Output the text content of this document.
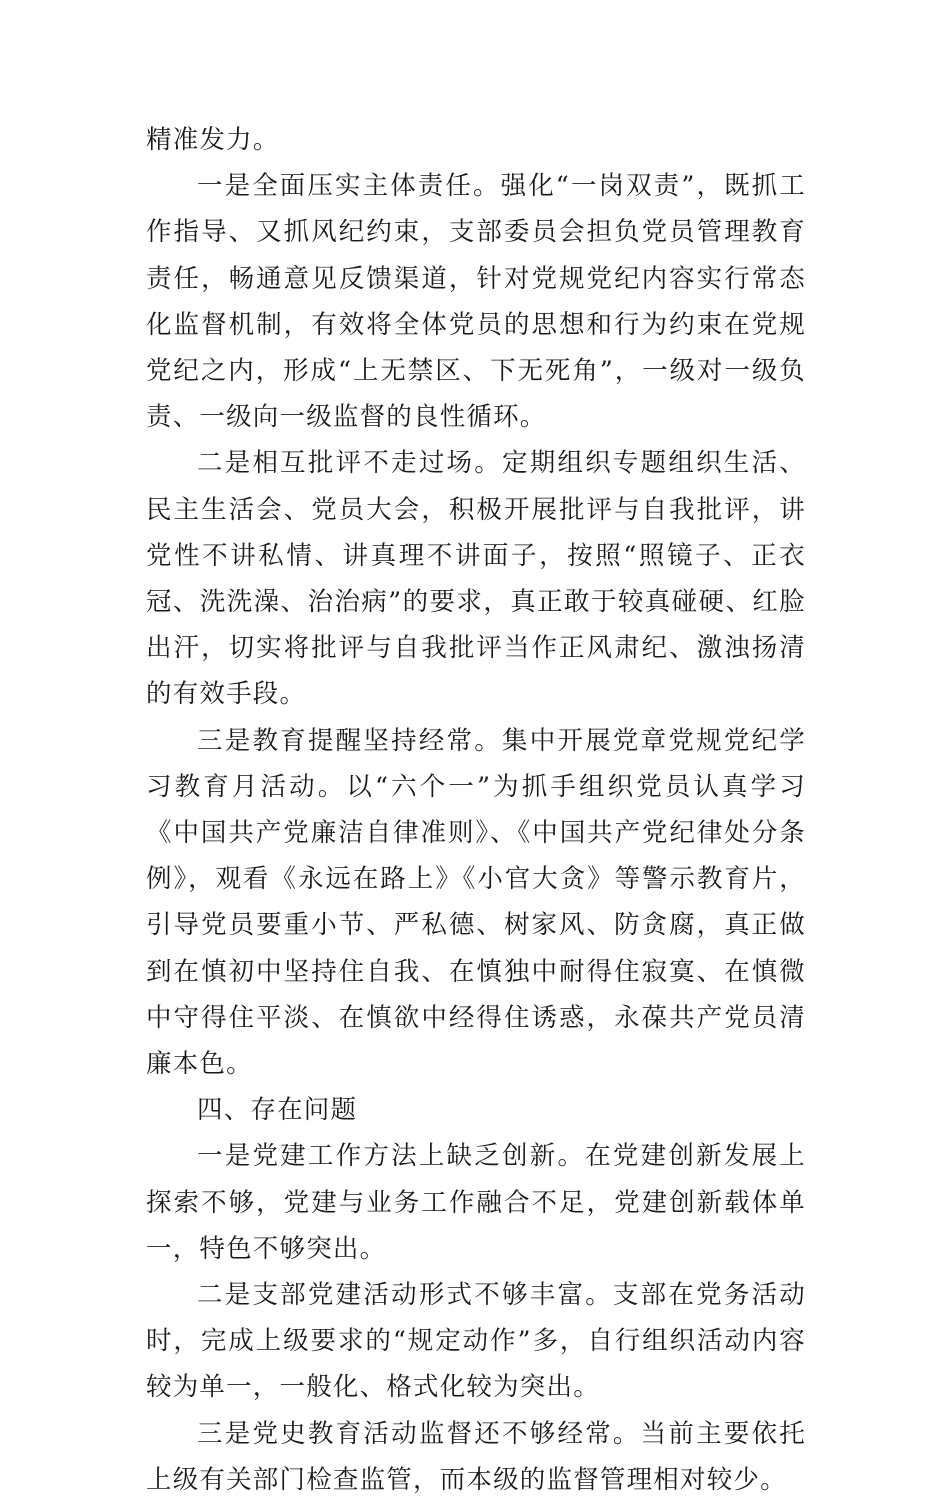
精准发力。

一是全面压实主体责任。强化“一岗双责”，既抓工作指导、又抓风纪约束，支部委员会担负党员管理教育责任，畅通意见反馈渠道，针对党规党纪内容实行常态化监督机制，有效将全体党员的思想和行为约束在党规党纪之内，形成“上无禁区、下无死角”，一级对一级负责、一级向一级监督的良性循环。

二是相互批评不走过场。定期组织专题组织生活、民主生活会、党员大会，积极开展批评与自我批评，讲党性不讲私情、讲真理不讲面子，按照“照镜子、正衣冠、洗洗澡、治治病”的要求，真正敢于较真碰硬、红脸出汗，切实将批评与自我批评当作正风肃纪、激浊扬清的有效手段。

三是教育提醒坚持经常。集中开展党章党规党纪学习教育月活动。以“六个一”为抓手组织党员认真学习《中国共产党廉洁自律准则》、《中国共产党纪律处分条例》，观看《永远在路上》《小官大贪》等警示教育片，引导党员要重小节、严私德、树家风、防贪腐，真正做到在慎初中坚持住自我、在慎独中耐得住寂寞、在慎微中守得住平淡、在慎欲中经得住诱惑，永葆共产党员清廉本色。

四、存在问题

一是党建工作方法上缺乏创新。在党建创新发展上探索不够，党建与业务工作融合不足，党建创新载体单一，特色不够突出。

二是支部党建活动形式不够丰富。支部在党务活动时，完成上级要求的“规定动作”多，自行组织活动内容较为单一，一般化、格式化较为突出。

三是党史教育活动监督还不够经常。当前主要依托上级有关部门检查监管，而本级的监督管理相对较少。
